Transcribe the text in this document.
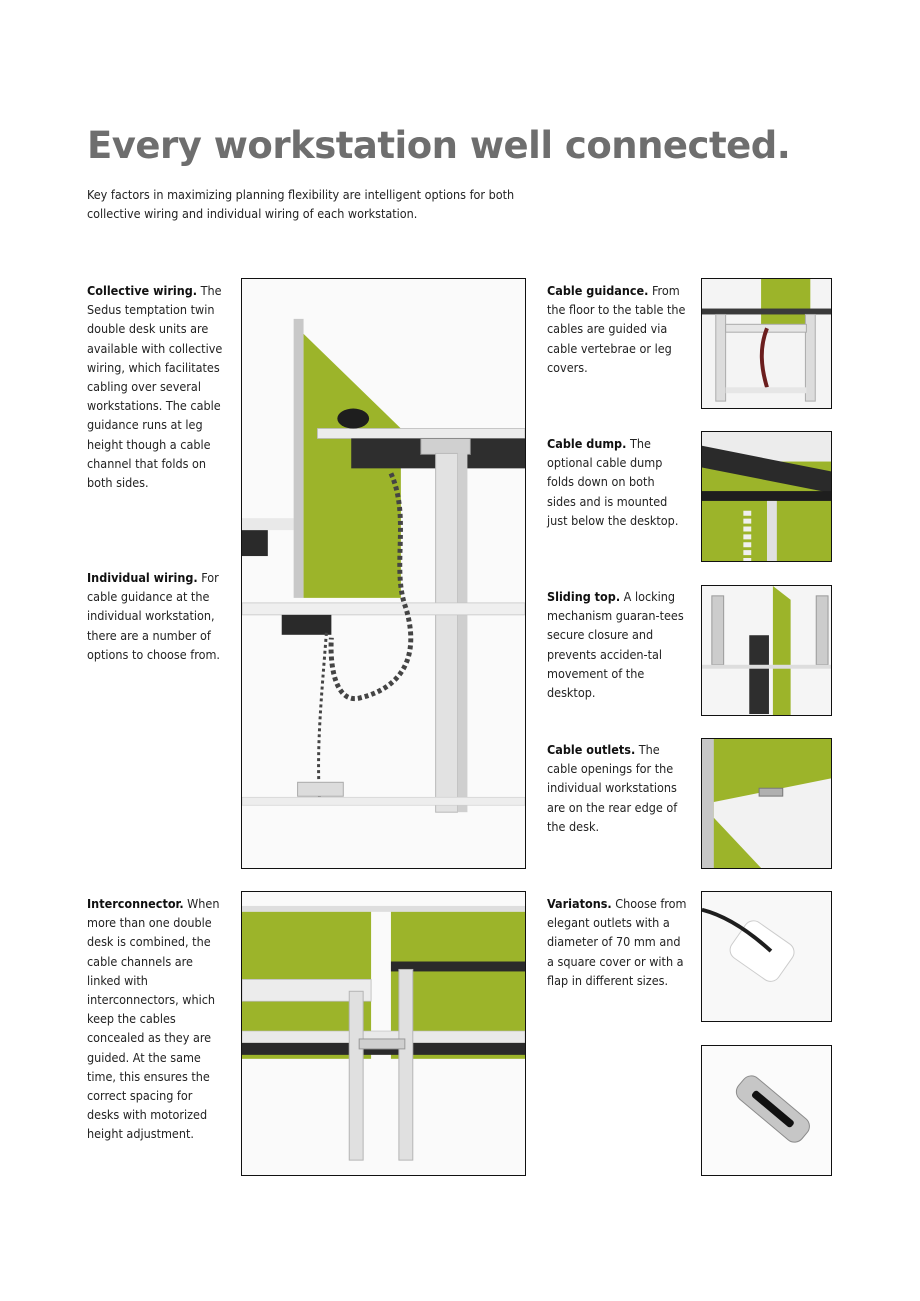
Every workstation well connected.

Key factors in maximizing planning flexibility are intelligent options for both collective wiring and individual wiring of each workstation.

Collective wiring. The Sedus temptation twin double desk units are available with collective wiring, which facilitates cabling over several workstations. The cable guidance runs at leg height though a cable channel that folds on both sides.

Individual wiring. For cable guidance at the individual workstation, there are a number of options to choose from.

Interconnector. When more than one double desk is combined, the cable channels are linked with interconnectors, which keep the cables concealed as they are guided. At the same time, this ensures the correct spacing for desks with motorized height adjustment.

Cable guidance. From the floor to the table the cables are guided via cable vertebrae or leg covers.

Cable dump. The optional cable dump folds down on both sides and is mounted just below the desktop.

Sliding top. A locking mechanism guaran-tees secure closure and prevents acciden-tal movement of the desktop.

Cable outlets. The cable openings for the individual workstations are on the rear edge of the desk.

Variatons. Choose from elegant outlets with a diameter of 70 mm and a square cover or with a flap in different sizes.
